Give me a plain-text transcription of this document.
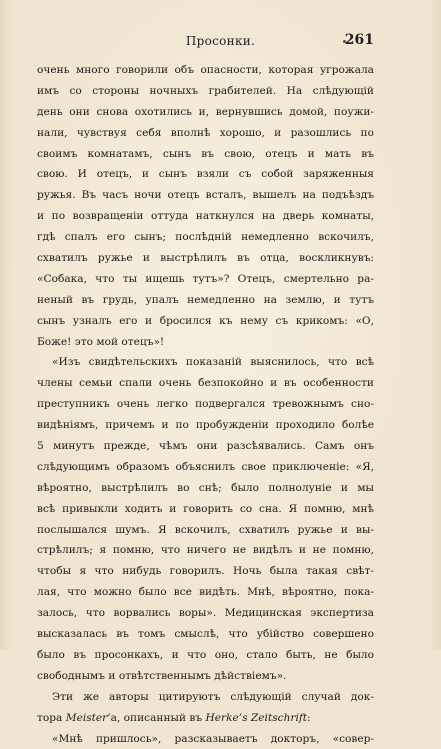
Просонки.	261
очень много говорили объ опасности, которая угрожала
имъ со стороны ночныхъ грабителей. На слѣдующій
день они снова охотились и, вернувшись домой, поужи-
нали, чувствуя себя вполнѣ хорошо, и разошлись по
своимъ комнатамъ, сынъ въ свою, отецъ и мать въ
свою. И отецъ, и сынъ взяли съ собой заряженныя
ружья. Въ часъ ночи отецъ всталъ, вышелъ на подъѣздъ
и по возвращеніи оттуда наткнулся на дверь комнаты,
гдѣ спалъ его сынъ; послѣдній немедленно вскочилъ,
схватилъ ружье и выстрѣлилъ въ отца, воскликнувъ:
«Собака, что ты ищешь тутъ»? Отецъ, смертельно ра-
неный въ грудь, упалъ немедленно на землю, и тутъ
сынъ узналъ его и бросился къ нему съ крикомъ: «О,
Боже! это мой отецъ»!
«Изъ свидѣтельскихъ показаній выяснилось, что всѣ
члены семьи спали очень безпокойно и въ особенности
преступникъ очень легко подвергался тревожнымъ сно-
видѣніямъ, причемъ и по пробужденіи проходило болѣе
5 минутъ прежде, чѣмъ они разсѣявались. Самъ онъ
слѣдующимъ образомъ объяснилъ свое приключеніе: «Я,
вѣроятно, выстрѣлилъ во снѣ; было полнолуніе и мы
всѣ привыкли ходить и говорить со сна. Я помню, мнѣ
послышался шумъ. Я вскочилъ, схватилъ ружье и вы-
стрѣлилъ; я помню, что ничего не видѣлъ и не помню,
чтобы я что нибудь говорилъ. Ночь была такая свѣт-
лая, что можно было все видѣть. Мнѣ, вѣроятно, пока-
залось, что ворвались воры». Медицинская экспертиза
высказалась въ томъ смыслѣ, что убійство совершено
было въ просонкахъ, и что оно, стало быть, не было
свободнымъ и отвѣтственнымъ дѣйствіемъ».
Эти же авторы цитируютъ слѣдующій случай док-
тора Meister’а, описанный въ Herke’s Zeitschrift:
«Мнѣ пришлось», разсказываетъ докторъ, «совер-
